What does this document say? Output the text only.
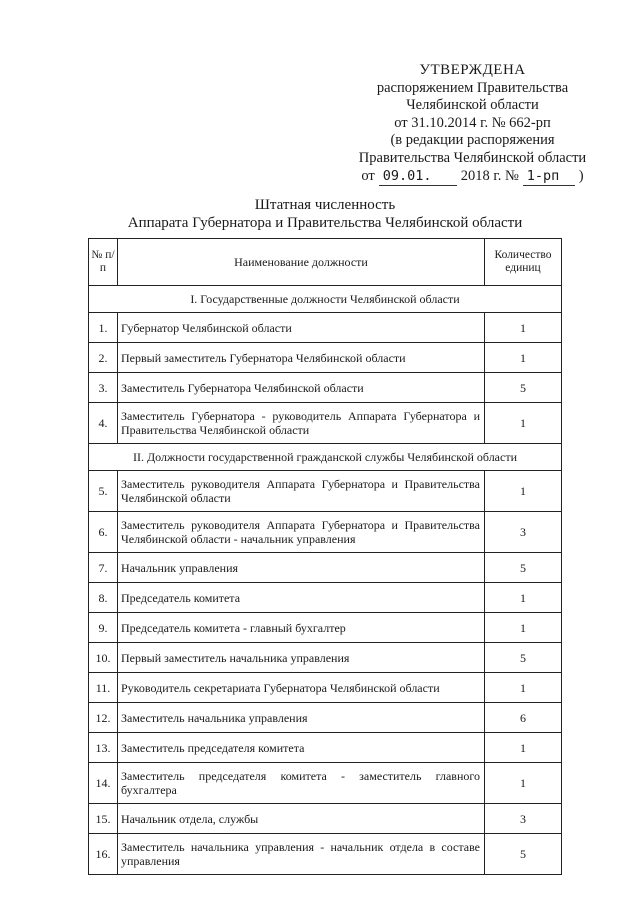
УТВЕРЖДЕНА
распоряжением Правительства
Челябинской области
от 31.10.2014 г. № 662-рп
(в редакции распоряжения
Правительства Челябинской области
от 09.01.	2018 г. № 1-рп	)
Штатная численность
Аппарата Губернатора и Правительства Челябинской области
№ п/п	Наименование должности	Количество единиц
I. Государственные должности Челябинской области		
1.	Губернатор Челябинской области	1
2.	Первый заместитель Губернатора Челябинской области	1
3.	Заместитель Губернатора Челябинской области	5
4.	Заместитель Губернатора - руководитель Аппарата Губернатора и Правительства Челябинской области	1
II. Должности государственной гражданской службы Челябинской области		
5.	Заместитель руководителя Аппарата Губернатора и Правительства Челябинской области	1
6.	Заместитель руководителя Аппарата Губернатора и Правительства Челябинской области - начальник управления	3
7.	Начальник управления	5
8.	Председатель комитета	1
9.	Председатель комитета - главный бухгалтер	1
10.	Первый заместитель начальника управления	5
11.	Руководитель секретариата Губернатора Челябинской области	1
12.	Заместитель начальника управления	6
13.	Заместитель председателя комитета	1
14.	Заместитель председателя комитета - заместитель главного бухгалтера	1
15.	Начальник отдела, службы	3
16.	Заместитель начальника управления - начальник отдела в составе управления	5
